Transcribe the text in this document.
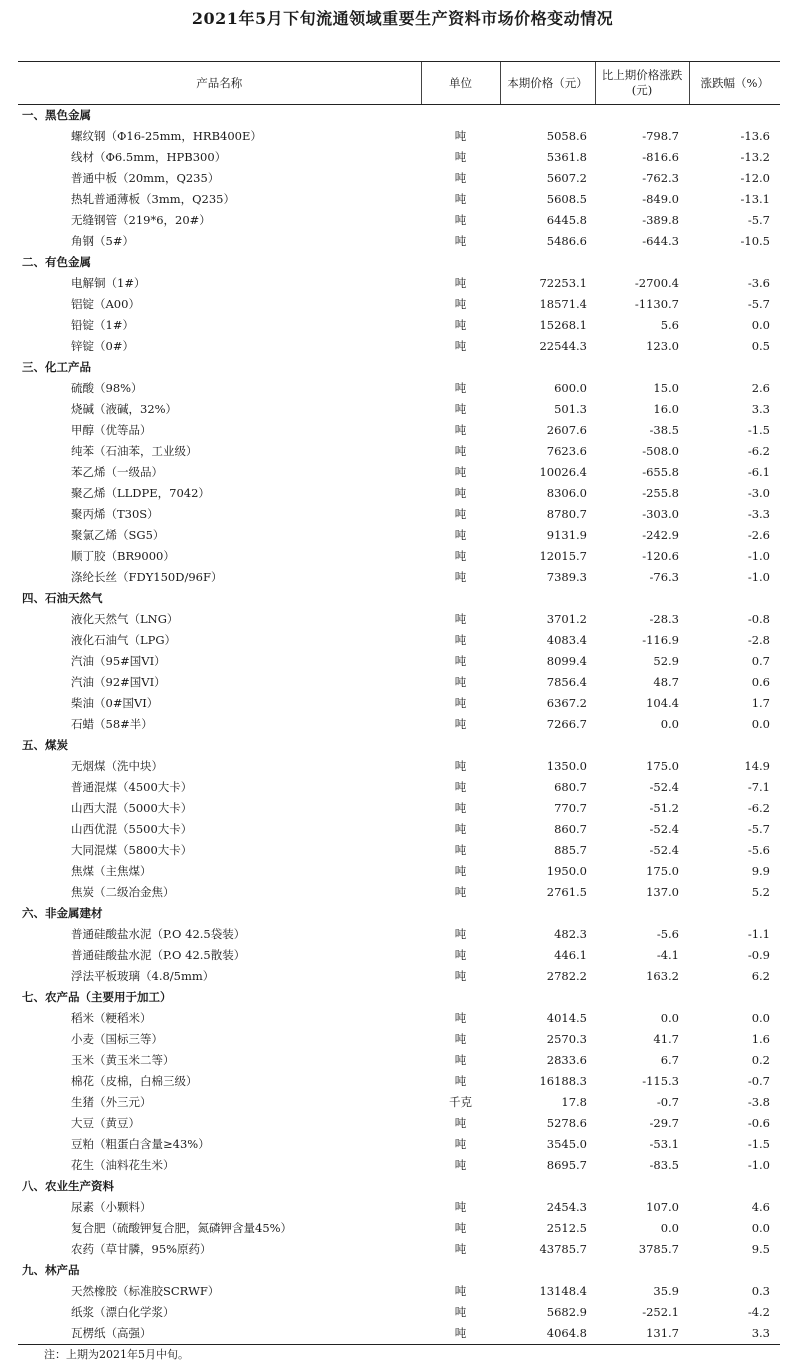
2021年5月下旬流通领域重要生产资料市场价格变动情况
产品名称	单位	本期价格（元）	比上期价格涨跌(元)	涨跌幅（%）
一、黑色金属				
螺纹钢（Φ16-25mm，HRB400E）	吨	5058.6	-798.7	-13.6
线材（Φ6.5mm，HPB300）	吨	5361.8	-816.6	-13.2
普通中板（20mm，Q235）	吨	5607.2	-762.3	-12.0
热轧普通薄板（3mm，Q235）	吨	5608.5	-849.0	-13.1
无缝钢管（219*6，20#）	吨	6445.8	-389.8	-5.7
角钢（5#）	吨	5486.6	-644.3	-10.5
二、有色金属				
电解铜（1#）	吨	72253.1	-2700.4	-3.6
铝锭（A00）	吨	18571.4	-1130.7	-5.7
铅锭（1#）	吨	15268.1	5.6	0.0
锌锭（0#）	吨	22544.3	123.0	0.5
三、化工产品				
硫酸（98%）	吨	600.0	15.0	2.6
烧碱（液碱，32%）	吨	501.3	16.0	3.3
甲醇（优等品）	吨	2607.6	-38.5	-1.5
纯苯（石油苯，工业级）	吨	7623.6	-508.0	-6.2
苯乙烯（一级品）	吨	10026.4	-655.8	-6.1
聚乙烯（LLDPE，7042）	吨	8306.0	-255.8	-3.0
聚丙烯（T30S）	吨	8780.7	-303.0	-3.3
聚氯乙烯（SG5）	吨	9131.9	-242.9	-2.6
顺丁胶（BR9000）	吨	12015.7	-120.6	-1.0
涤纶长丝（FDY150D/96F）	吨	7389.3	-76.3	-1.0
四、石油天然气				
液化天然气（LNG）	吨	3701.2	-28.3	-0.8
液化石油气（LPG）	吨	4083.4	-116.9	-2.8
汽油（95#国VI）	吨	8099.4	52.9	0.7
汽油（92#国VI）	吨	7856.4	48.7	0.6
柴油（0#国VI）	吨	6367.2	104.4	1.7
石蜡（58#半）	吨	7266.7	0.0	0.0
五、煤炭				
无烟煤（洗中块）	吨	1350.0	175.0	14.9
普通混煤（4500大卡）	吨	680.7	-52.4	-7.1
山西大混（5000大卡）	吨	770.7	-51.2	-6.2
山西优混（5500大卡）	吨	860.7	-52.4	-5.7
大同混煤（5800大卡）	吨	885.7	-52.4	-5.6
焦煤（主焦煤）	吨	1950.0	175.0	9.9
焦炭（二级冶金焦）	吨	2761.5	137.0	5.2
六、非金属建材				
普通硅酸盐水泥（P.O 42.5袋装）	吨	482.3	-5.6	-1.1
普通硅酸盐水泥（P.O 42.5散装）	吨	446.1	-4.1	-0.9
浮法平板玻璃（4.8/5mm）	吨	2782.2	163.2	6.2
七、农产品（主要用于加工）				
稻米（粳稻米）	吨	4014.5	0.0	0.0
小麦（国标三等）	吨	2570.3	41.7	1.6
玉米（黄玉米二等）	吨	2833.6	6.7	0.2
棉花（皮棉，白棉三级）	吨	16188.3	-115.3	-0.7
生猪（外三元）	千克	17.8	-0.7	-3.8
大豆（黄豆）	吨	5278.6	-29.7	-0.6
豆粕（粗蛋白含量≥43%）	吨	3545.0	-53.1	-1.5
花生（油料花生米）	吨	8695.7	-83.5	-1.0
八、农业生产资料				
尿素（小颗料）	吨	2454.3	107.0	4.6
复合肥（硫酸钾复合肥，氮磷钾含量45%）	吨	2512.5	0.0	0.0
农药（草甘膦，95%原药）	吨	43785.7	3785.7	9.5
九、林产品				
天然橡胶（标准胶SCRWF）	吨	13148.4	35.9	0.3
纸浆（漂白化学浆）	吨	5682.9	-252.1	-4.2
瓦楞纸（高强）	吨	4064.8	131.7	3.3
注：上期为2021年5月中旬。
